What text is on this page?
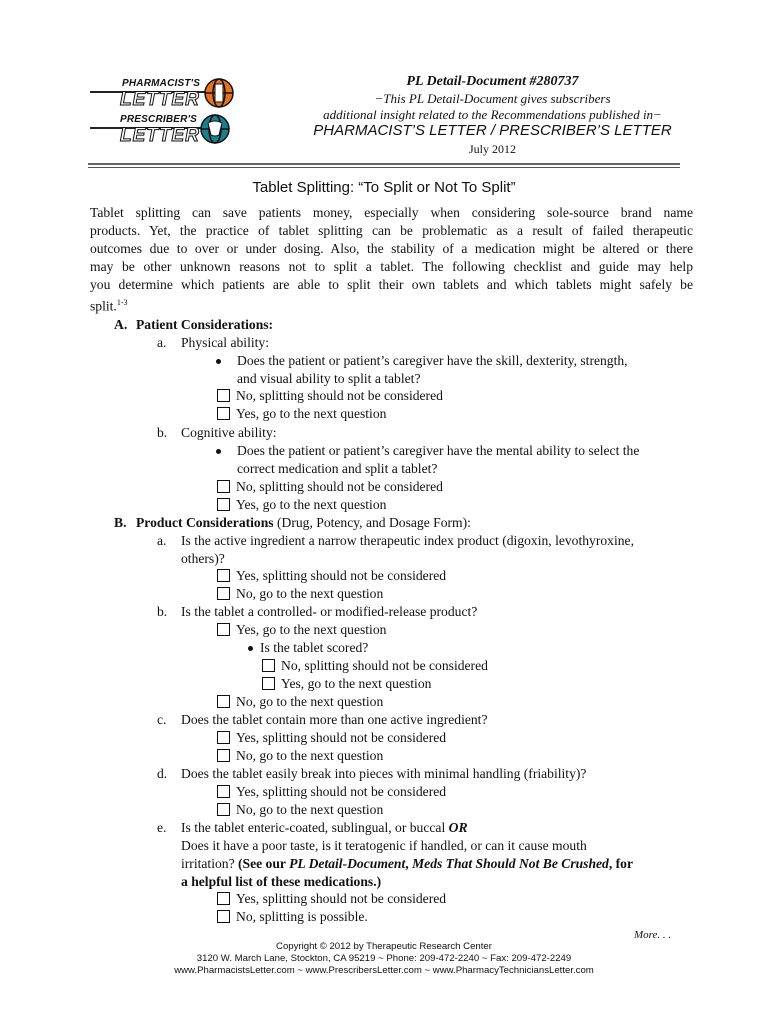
PHARMACIST'S
LETTER
PRESCRIBER'S
LETTER
PL Detail-Document #280737
−This PL Detail-Document gives subscribers
additional insight related to the Recommendations published in−
PHARMACIST’S LETTER / PRESCRIBER’S LETTER
July 2012
Tablet Splitting: “To Split or Not To Split”
Tablet splitting can save patients money, especially when considering sole-source brand name
products. Yet, the practice of tablet splitting can be problematic as a result of failed therapeutic
outcomes due to over or under dosing. Also, the stability of a medication might be altered or there
may be other unknown reasons not to split a tablet. The following checklist and guide may help
you determine which patients are able to split their own tablets and which tablets might safely be
split.$^{1-3}$
A. Patient Considerations:
a. Physical ability:
Does the patient or patient’s caregiver have the skill, dexterity, strength,
and visual ability to split a tablet?
No, splitting should not be considered
Yes, go to the next question
b. Cognitive ability:
Does the patient or patient’s caregiver have the mental ability to select the
correct medication and split a tablet?
No, splitting should not be considered
Yes, go to the next question
B. Product Considerations (Drug, Potency, and Dosage Form):
a. Is the active ingredient a narrow therapeutic index product (digoxin, levothyroxine,
others)?
Yes, splitting should not be considered
No, go to the next question
b. Is the tablet a controlled- or modified-release product?
Yes, go to the next question
Is the tablet scored?
No, splitting should not be considered
Yes, go to the next question
No, go to the next question
c. Does the tablet contain more than one active ingredient?
Yes, splitting should not be considered
No, go to the next question
d. Does the tablet easily break into pieces with minimal handling (friability)?
Yes, splitting should not be considered
No, go to the next question
e. Is the tablet enteric-coated, sublingual, or buccal OR
Does it have a poor taste, is it teratogenic if handled, or can it cause mouth
irritation? (See our PL Detail-Document, Meds That Should Not Be Crushed, for
a helpful list of these medications.)
Yes, splitting should not be considered
No, splitting is possible.
More. . .
Copyright © 2012 by Therapeutic Research Center
3120 W. March Lane, Stockton, CA 95219 ~ Phone: 209-472-2240 ~ Fax: 209-472-2249
www.PharmacistsLetter.com ~ www.PrescribersLetter.com ~ www.PharmacyTechniciansLetter.com
